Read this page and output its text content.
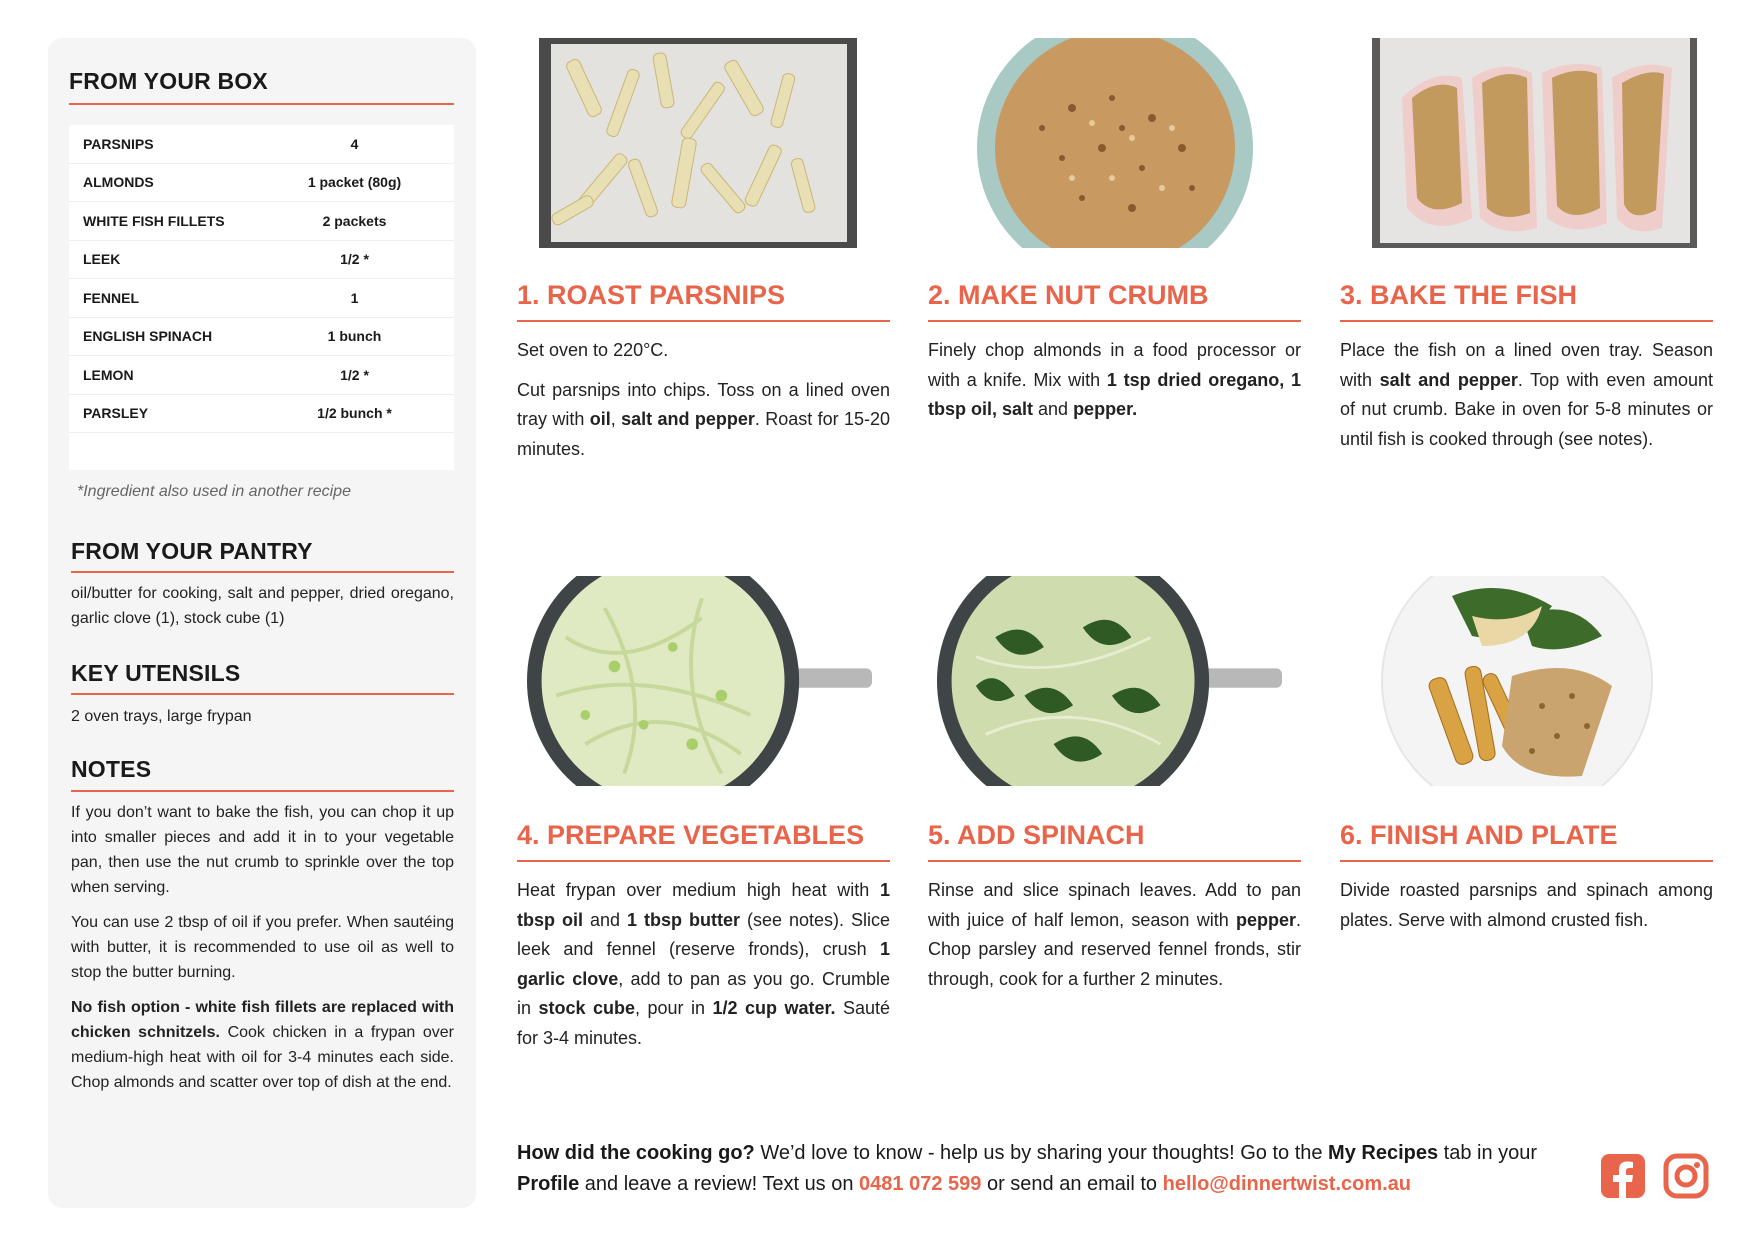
FROM YOUR BOX
PARSNIPS	4
ALMONDS	1 packet (80g)
WHITE FISH FILLETS	2 packets
LEEK	1/2 *
FENNEL	1
ENGLISH SPINACH	1 bunch
LEMON	1/2 *
PARSLEY	1/2 bunch *
*Ingredient also used in another recipe
FROM YOUR PANTRY
oil/butter for cooking, salt and pepper, dried oregano, garlic clove (1), stock cube (1)
KEY UTENSILS
2 oven trays, large frypan
NOTES

If you don’t want to bake the fish, you can chop it up into smaller pieces and add it in to your vegetable pan, then use the nut crumb to sprinkle over the top when serving.

You can use 2 tbsp of oil if you prefer. When sautéing with butter, it is recommended to use oil as well to stop the butter burning.

No fish option - white fish fillets are replaced with chicken schnitzels. Cook chicken in a frypan over medium-high heat with oil for 3-4 minutes each side. Chop almonds and scatter over top of dish at the end.

1. ROAST PARSNIPS

Set oven to 220°C.

Cut parsnips into chips. Toss on a lined oven tray with oil, salt and pepper. Roast for 15-20 minutes.

2. MAKE NUT CRUMB

Finely chop almonds in a food processor or with a knife. Mix with 1 tsp dried oregano, 1 tbsp oil, salt and pepper.

3. BAKE THE FISH

Place the fish on a lined oven tray. Season with salt and pepper. Top with even amount of nut crumb. Bake in oven for 5-8 minutes or until fish is cooked through (see notes).

4. PREPARE VEGETABLES

Heat frypan over medium high heat with 1 tbsp oil and 1 tbsp butter (see notes). Slice leek and fennel (reserve fronds), crush 1 garlic clove, add to pan as you go. Crumble in stock cube, pour in 1/2 cup water. Sauté for 3-4 minutes.

5. ADD SPINACH

Rinse and slice spinach leaves. Add to pan with juice of half lemon, season with pepper. Chop parsley and reserved fennel fronds, stir through, cook for a further 2 minutes.

6. FINISH AND PLATE

Divide roasted parsnips and spinach among plates. Serve with almond crusted fish.

How did the cooking go? We’d love to know - help us by sharing your thoughts! Go to the My Recipes tab in your Profile and leave a review! Text us on 0481 072 599 or send an email to hello@dinnertwist.com.au
